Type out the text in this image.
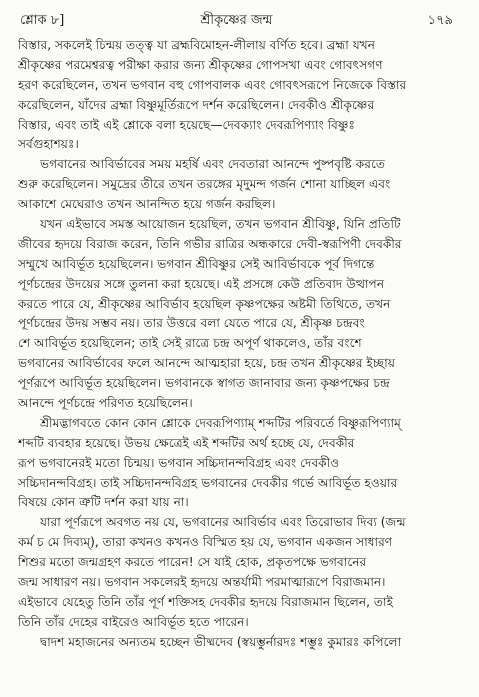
শ্লোক ৮]	শ্রীকৃষ্ণের জন্ম	১৭৯
বিস্তার, সকলেই চিন্ময় তত্ত্ব যা ব্রহ্মবিমোহন-লীলায় বর্ণিত হবে। ব্রহ্মা যখন
শ্রীকৃষ্ণের পরমেশ্বরত্ব পরীক্ষা করার জন্য শ্রীকৃষ্ণের গোপসখা এবং গোবৎসগণ
হরণ করেছিলেন, তখন ভগবান বহু গোপবালক এবং গোবৎসরূপে নিজেকে বিস্তার
করেছিলেন, যাঁদের ব্রহ্মা বিষ্ণুমূর্তিরূপে দর্শন করেছিলেন। দেবকীও শ্রীকৃষ্ণের
বিস্তার, এবং তাই এই শ্লোকে বলা হয়েছে—দেবক্যাং দেবরূপিণ্যাং বিষ্ণুঃ
সর্বগুহাশয়ঃ।
ভগবানের আবির্ভাবের সময় মহর্ষি এবং দেবতারা আনন্দে পুষ্পবৃষ্টি করতে
শুরু করেছিলেন। সমুদ্রের তীরে তখন তরঙ্গের মৃদুমন্দ গর্জন শোনা যাচ্ছিল এবং
আকাশে মেঘেরাও তখন আনন্দিত হয়ে গর্জন করছিল।
যখন এইভাবে সমস্ত আয়োজন হয়েছিল, তখন ভগবান শ্রীবিষ্ণু, যিনি প্রতিটি
জীবের হৃদয়ে বিরাজ করেন, তিনি গভীর রাত্রির অন্ধকারে দেবী-স্বরূপিণী দেবকীর
সম্মুখে আবির্ভূত হয়েছিলেন। ভগবান শ্রীবিষ্ণুর সেই আবির্ভাবকে পূর্ব দিগন্তে
পূর্ণচন্দ্রের উদয়ের সঙ্গে তুলনা করা হয়েছে। এই প্রসঙ্গে কেউ প্রতিবাদ উত্থাপন
করতে পারে যে, শ্রীকৃষ্ণের আবির্ভাব হয়েছিল কৃষ্ণপক্ষের অষ্টমী তিথিতে, তখন
পূর্ণচন্দ্রের উদয় সম্ভব নয়। তার উত্তরে বলা যেতে পারে যে, শ্রীকৃষ্ণ চন্দ্রবং
শে আবির্ভূত হয়েছিলেন; তাই সেই রাত্রে চন্দ্র অপূর্ণ থাকলেও, তাঁর বংশে
ভগবানের আবির্ভাবের ফলে আনন্দে আত্মহারা হয়ে, চন্দ্র তখন শ্রীকৃষ্ণের ইচ্ছায়
পূর্ণরূপে আবির্ভূত হয়েছিলেন। ভগবানকে স্বাগত জানাবার জন্য কৃষ্ণপক্ষের চন্দ্র
আনন্দে পূর্ণচন্দ্রে পরিণত হয়েছিলেন।
শ্রীমদ্ভাগবতে কোন কোন শ্লোকে দেবরূপিণ্যাম্ শব্দটির পরিবর্তে বিষ্ণুরূপিণ্যাম্
শব্দটি ব্যবহার হয়েছে। উভয় ক্ষেত্রেই এই শব্দটির অর্থ হচ্ছে যে, দেবকীর
রূপ ভগবানেরই মতো চিন্ময়। ভগবান সচ্চিদানন্দবিগ্রহ এবং দেবকীও
সচ্চিদানন্দবিগ্রহ। তাই সচ্চিদানন্দবিগ্রহ ভগবানের দেবকীর গর্ভে আবির্ভূত হওয়ার
বিষয়ে কোন ত্রুটি দর্শন করা যায় না।
যারা পূর্ণরূপে অবগত নয় যে, ভগবানের আবির্ভাব এবং তিরোভাব দিব্য (জন্ম
কর্ম চ মে দিব্যম্), তারা কখনও কখনও বিস্মিত হয় যে, ভগবান একজন সাধারণ
শিশুর মতো জন্মগ্রহণ করতে পারেন! সে যাই হোক, প্রকৃতপক্ষে ভগবানের
জন্ম সাধারণ নয়। ভগবান সকলেরই হৃদয়ে অন্তর্যামী পরমাত্মারূপে বিরাজমান।
এইভাবে যেহেতু তিনি তাঁর পূর্ণ শক্তিসহ দেবকীর হৃদয়ে বিরাজমান ছিলেন, তাই
তিনি তাঁর দেহের বাইরেও আবির্ভূত হতে পারেন।
দ্বাদশ মহাজনের অন্যতম হচ্ছেন ভীষ্মদেব (স্বয়ম্ভুর্নারদঃ শম্ভুঃ কুমারঃ কপিলো
